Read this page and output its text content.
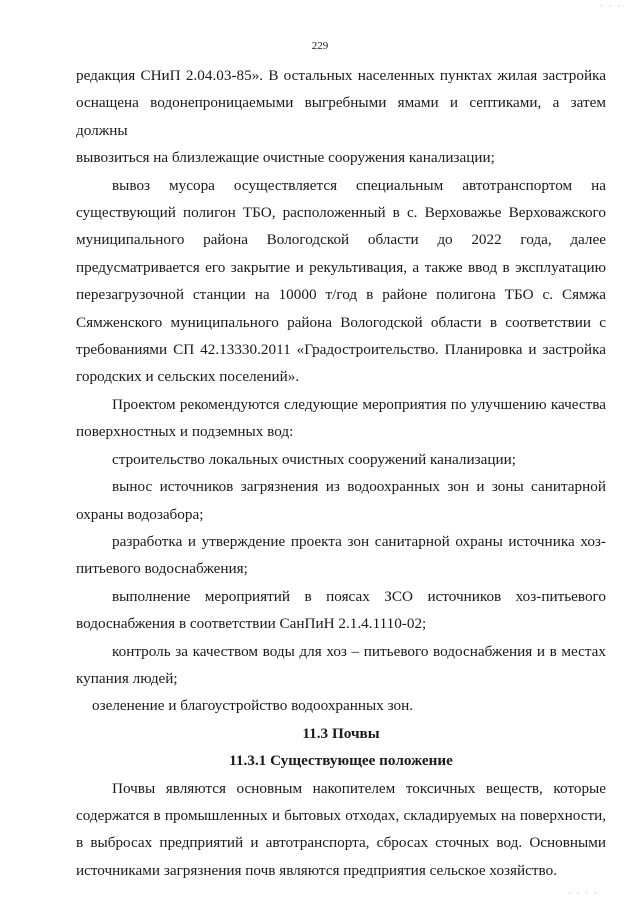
· · ·
229

редакция СНиП 2.04.03-85». В остальных населенных пунктах жилая застройка
оснащена водонепроницаемыми выгребными ямами и септиками, а затем должны
вывозиться на близлежащие очистные сооружения канализации;

вывоз мусора осуществляется специальным автотранспортом на
существующий полигон ТБО, расположенный в с. Верховажье Верховажского
муниципального района Вологодской области до 2022 года, далее
предусматривается его закрытие и рекультивация, а также ввод в эксплуатацию
перезагрузочной станции на 10000 т/год в районе полигона ТБО с. Сямжа
Сямженского муниципального района Вологодской области в соответствии с
требованиями СП 42.13330.2011 «Градостроительство. Планировка и застройка
городских и сельских поселений».

Проектом рекомендуются следующие мероприятия по улучшению качества
поверхностных и подземных вод:

строительство локальных очистных сооружений канализации;

вынос источников загрязнения из водоохранных зон и зоны санитарной
охраны водозабора;

разработка и утверждение проекта зон санитарной охраны источника хоз-
питьевого водоснабжения;

выполнение мероприятий в поясах ЗСО источников хоз-питьевого
водоснабжения в соответствии СанПиН 2.1.4.1110-02;

контроль за качеством воды для хоз – питьевого водоснабжения и в местах
купания людей;

озеленение и благоустройство водоохранных зон.

11.3 Почвы
11.3.1 Существующее положение

Почвы являются основным накопителем токсичных веществ, которые
содержатся в промышленных и бытовых отходах, складируемых на поверхности,
в выбросах предприятий и автотранспорта, сбросах сточных вод. Основными
источниками загрязнения почв являются предприятия сельское хозяйство.

· · · ·
